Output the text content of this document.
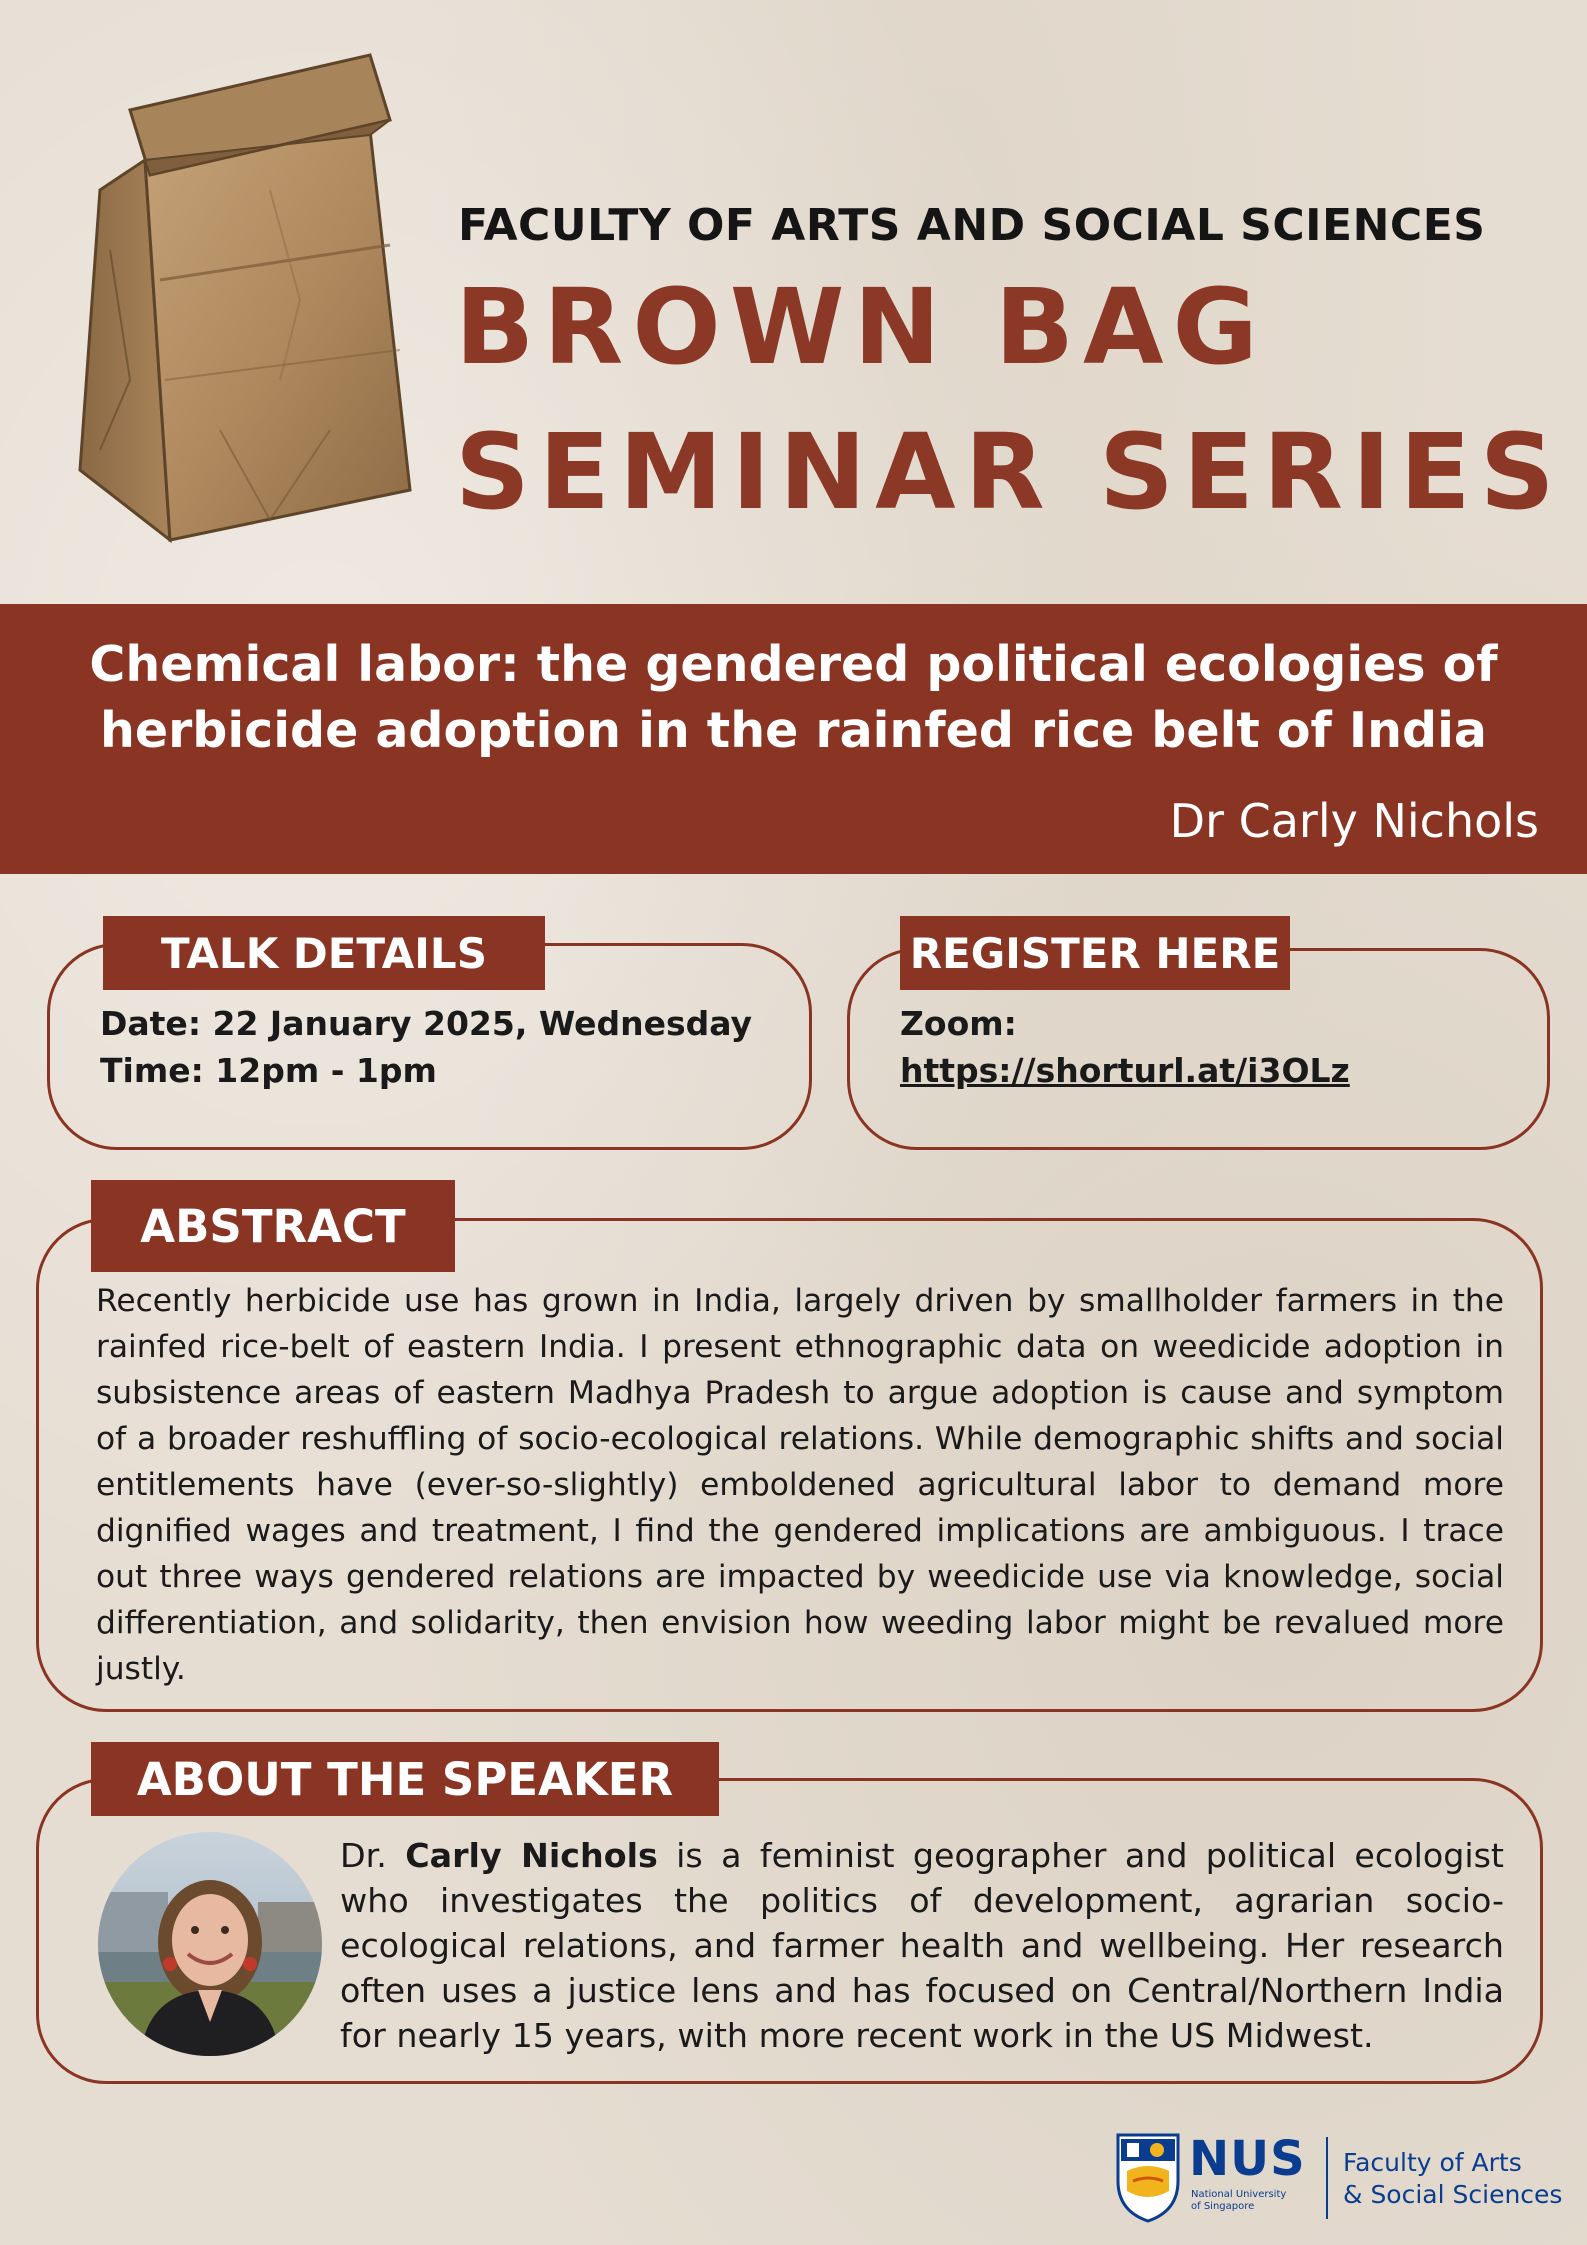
FACULTY OF ARTS AND SOCIAL SCIENCES
BROWN BAG
SEMINAR SERIES
Chemical labor: the gendered political ecologies of herbicide adoption in the rainfed rice belt of India
Dr Carly Nichols
TALK DETAILS
Date: 22 January 2025, Wednesday
Time: 12pm - 1pm
REGISTER HERE
Zoom:
https://shorturl.at/i3OLz
ABSTRACT
Recently herbicide use has grown in India, largely driven by smallholder farmers in the rainfed rice-belt of eastern India. I present ethnographic data on weedicide adoption in subsistence areas of eastern Madhya Pradesh to argue adoption is cause and symptom of a broader reshuffling of socio-ecological relations. While demographic shifts and social entitlements have (ever-so-slightly) emboldened agricultural labor to demand more dignified wages and treatment, I find the gendered implications are ambiguous. I trace out three ways gendered relations are impacted by weedicide use via knowledge, social differentiation, and solidarity, then envision how weeding labor might be revalued more justly.
ABOUT THE SPEAKER
Dr. Carly Nichols is a feminist geographer and political ecologist who investigates the politics of development, agrarian socio-ecological relations, and farmer health and wellbeing. Her research often uses a justice lens and has focused on Central/Northern India for nearly 15 years, with more recent work in the US Midwest.
NUS
National University
of Singapore
Faculty of Arts
& Social Sciences
